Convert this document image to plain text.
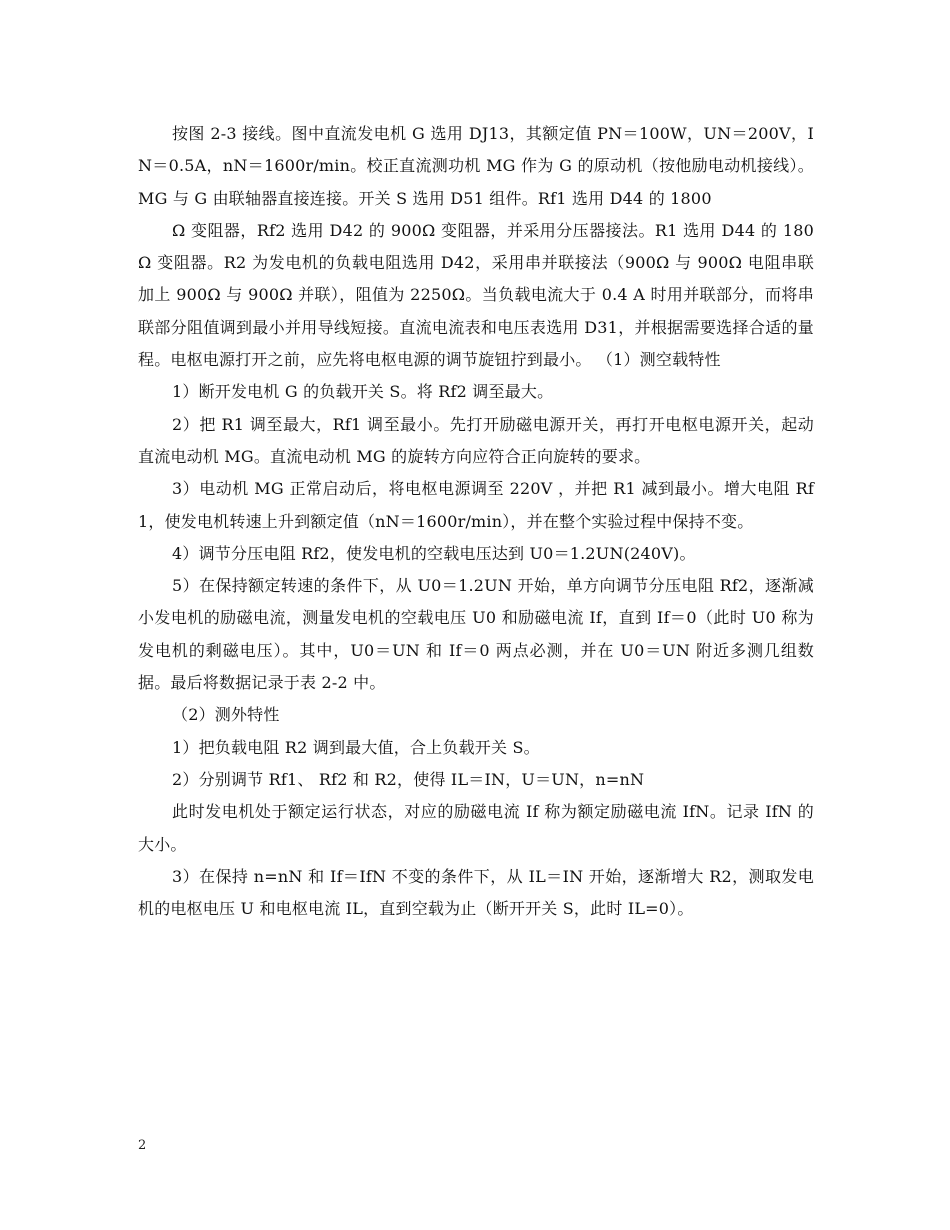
按图 2-3 接线。图中直流发电机 G 选用 DJ13，其额定值 PN＝100W，UN＝200V，IN＝0.5A，nN＝1600r/min。校正直流测功机 MG 作为 G 的原动机（按他励电动机接线）。MG 与 G 由联轴器直接连接。开关 S 选用 D51 组件。Rf1 选用 D44 的 1800

Ω 变阻器，Rf2 选用 D42 的 900Ω 变阻器，并采用分压器接法。R1 选用 D44 的 180Ω 变阻器。R2 为发电机的负载电阻选用 D42，采用串并联接法（900Ω 与 900Ω 电阻串联加上 900Ω 与 900Ω 并联），阻值为 2250Ω。当负载电流大于 0.4 A 时用并联部分，而将串联部分阻值调到最小并用导线短接。直流电流表和电压表选用 D31，并根据需要选择合适的量程。电枢电源打开之前，应先将电枢电源的调节旋钮拧到最小。 （1）测空载特性

1）断开发电机 G 的负载开关 S。将 Rf2 调至最大。

2）把 R1 调至最大，Rf1 调至最小。先打开励磁电源开关，再打开电枢电源开关，起动直流电动机 MG。直流电动机 MG 的旋转方向应符合正向旋转的要求。

3）电动机 MG 正常启动后，将电枢电源调至 220V ，并把 R1 减到最小。增大电阻 Rf1，使发电机转速上升到额定值（nN＝1600r/min），并在整个实验过程中保持不变。

4）调节分压电阻 Rf2，使发电机的空载电压达到 U0＝1.2UN(240V)。

5）在保持额定转速的条件下，从 U0＝1.2UN 开始，单方向调节分压电阻 Rf2，逐渐减小发电机的励磁电流，测量发电机的空载电压 U0 和励磁电流 If，直到 If＝0（此时 U0 称为发电机的剩磁电压）。其中，U0＝UN 和 If＝0 两点必测，并在 U0＝UN 附近多测几组数据。最后将数据记录于表 2-2 中。

（2）测外特性

1）把负载电阻 R2 调到最大值，合上负载开关 S。

2）分别调节 Rf1、 Rf2 和 R2，使得 IL＝IN，U＝UN，n=nN

此时发电机处于额定运行状态，对应的励磁电流 If 称为额定励磁电流 IfN。记录 IfN 的大小。

3）在保持 n=nN 和 If＝IfN 不变的条件下，从 IL＝IN 开始，逐渐增大 R2，测取发电机的电枢电压 U 和电枢电流 IL，直到空载为止（断开开关 S，此时 IL=0）。

2
